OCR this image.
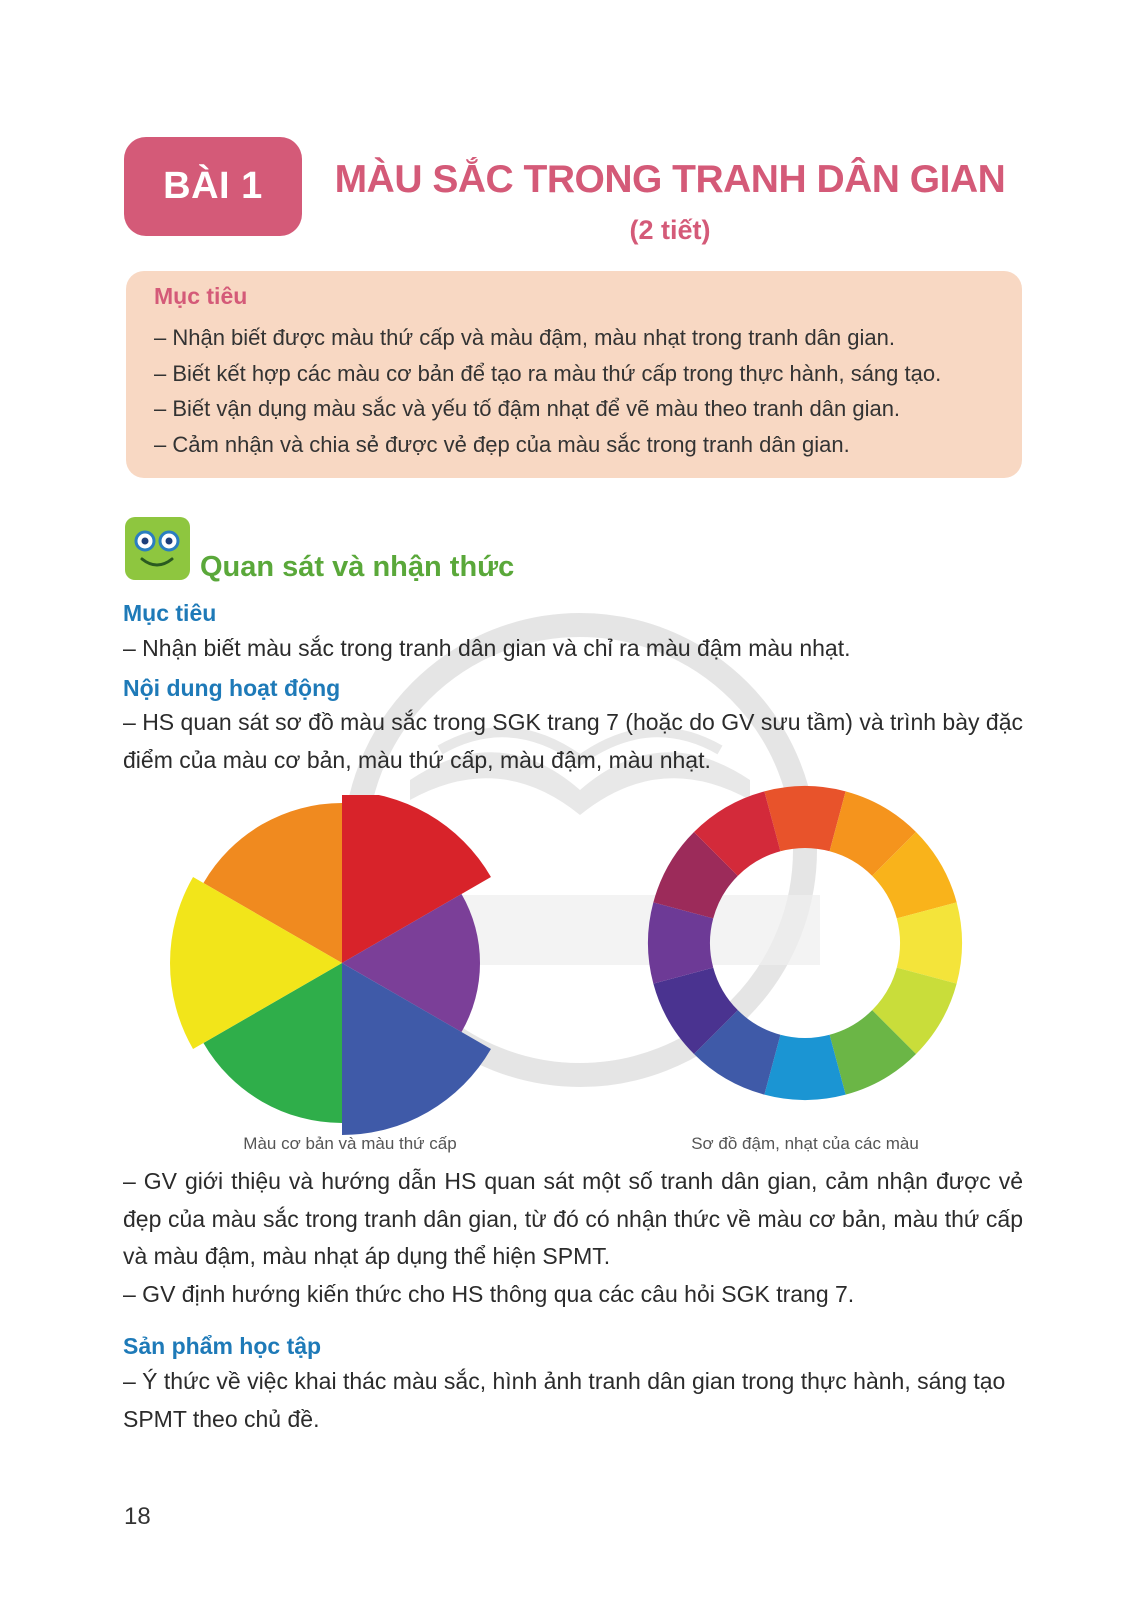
BÀI 1	MÀU SẮC TRONG TRANH DÂN GIAN
(2 tiết)
Mục tiêu
– Nhận biết được màu thứ cấp và màu đậm, màu nhạt trong tranh dân gian.
– Biết kết hợp các màu cơ bản để tạo ra màu thứ cấp trong thực hành, sáng tạo.
– Biết vận dụng màu sắc và yếu tố đậm nhạt để vẽ màu theo tranh dân gian.
– Cảm nhận và chia sẻ được vẻ đẹp của màu sắc trong tranh dân gian.
Quan sát và nhận thức
Mục tiêu
– Nhận biết màu sắc trong tranh dân gian và chỉ ra màu đậm màu nhạt.
Nội dung hoạt động
– HS quan sát sơ đồ màu sắc trong SGK trang 7 (hoặc do GV sưu tầm) và trình bày đặc điểm của màu cơ bản, màu thứ cấp, màu đậm, màu nhạt.
Màu cơ bản và màu thứ cấp	Sơ đồ đậm, nhạt của các màu
– GV giới thiệu và hướng dẫn HS quan sát một số tranh dân gian, cảm nhận được vẻ đẹp của màu sắc trong tranh dân gian, từ đó có nhận thức về màu cơ bản, màu thứ cấp và màu đậm, màu nhạt áp dụng thể hiện SPMT.
– GV định hướng kiến thức cho HS thông qua các câu hỏi SGK trang 7.
Sản phẩm học tập
– Ý thức về việc khai thác màu sắc, hình ảnh tranh dân gian trong thực hành, sáng tạo SPMT theo chủ đề.
18
